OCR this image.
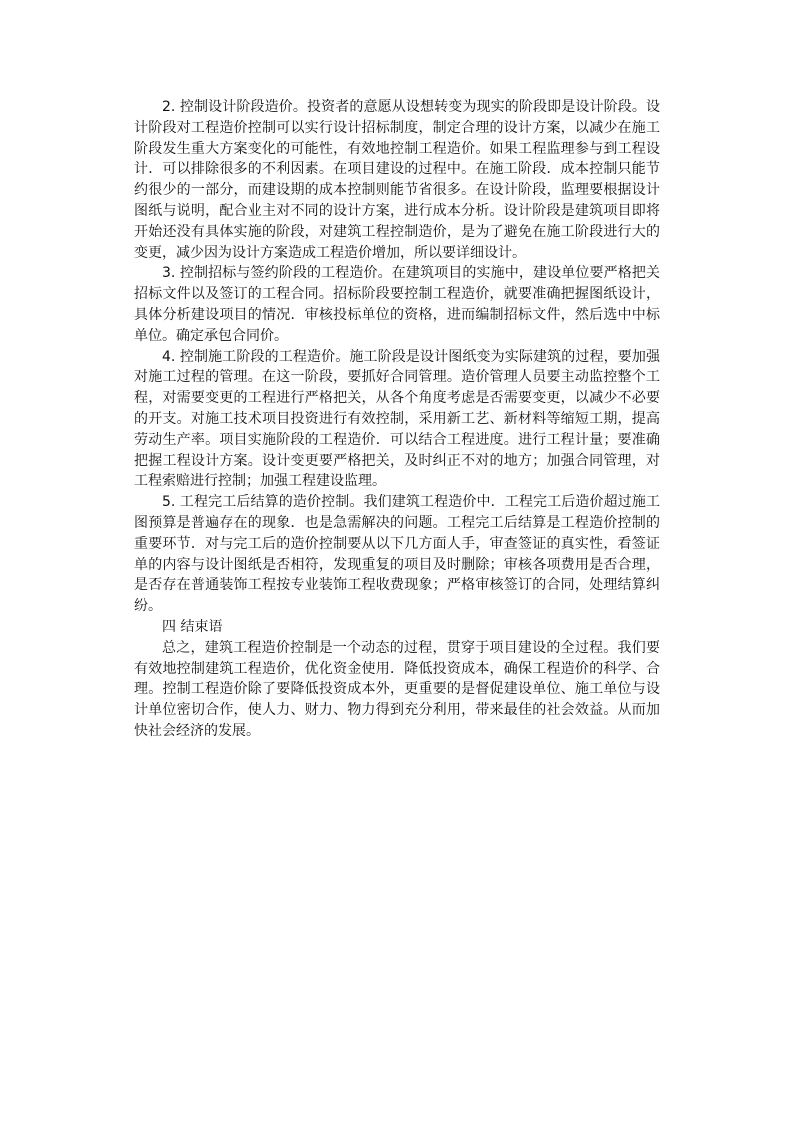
2. 控制设计阶段造价。投资者的意愿从设想转变为现实的阶段即是设计阶段。设计阶段对工程造价控制可以实行设计招标制度，制定合理的设计方案，以减少在施工阶段发生重大方案变化的可能性，有效地控制工程造价。如果工程监理参与到工程设计．可以排除很多的不利因素。在项目建设的过程中。在施工阶段．成本控制只能节约很少的一部分，而建设期的成本控制则能节省很多。在设计阶段，监理要根据设计图纸与说明，配合业主对不同的设计方案，进行成本分析。设计阶段是建筑项目即将开始还没有具体实施的阶段，对建筑工程控制造价，是为了避免在施工阶段进行大的变更，减少因为设计方案造成工程造价增加，所以要详细设计。

3. 控制招标与签约阶段的工程造价。在建筑项目的实施中，建设单位要严格把关招标文件以及签订的工程合同。招标阶段要控制工程造价，就要准确把握图纸设计，具体分析建设项目的情况．审核投标单位的资格，进而编制招标文件，然后选中中标单位。确定承包合同价。

4. 控制施工阶段的工程造价。施工阶段是设计图纸变为实际建筑的过程，要加强对施工过程的管理。在这一阶段，要抓好合同管理。造价管理人员要主动监控整个工程，对需要变更的工程进行严格把关，从各个角度考虑是否需要变更，以减少不必要的开支。对施工技术项目投资进行有效控制，采用新工艺、新材料等缩短工期，提高劳动生产率。项目实施阶段的工程造价．可以结合工程进度。进行工程计量；要准确把握工程设计方案。设计变更要严格把关，及时纠正不对的地方；加强合同管理，对工程索赔进行控制；加强工程建设监理。

5. 工程完工后结算的造价控制。我们建筑工程造价中．工程完工后造价超过施工图预算是普遍存在的现象．也是急需解决的问题。工程完工后结算是工程造价控制的重要环节．对与完工后的造价控制要从以下几方面人手，审查签证的真实性，看签证单的内容与设计图纸是否相符，发现重复的项目及时删除；审核各项费用是否合理，是否存在普通装饰工程按专业装饰工程收费现象；严格审核签订的合同，处理结算纠纷。

四 结束语

总之，建筑工程造价控制是一个动态的过程，贯穿于项目建设的全过程。我们要有效地控制建筑工程造价，优化资金使用．降低投资成本，确保工程造价的科学、合理。控制工程造价除了要降低投资成本外，更重要的是督促建设单位、施工单位与设计单位密切合作，使人力、财力、物力得到充分利用，带来最佳的社会效益。从而加快社会经济的发展。
